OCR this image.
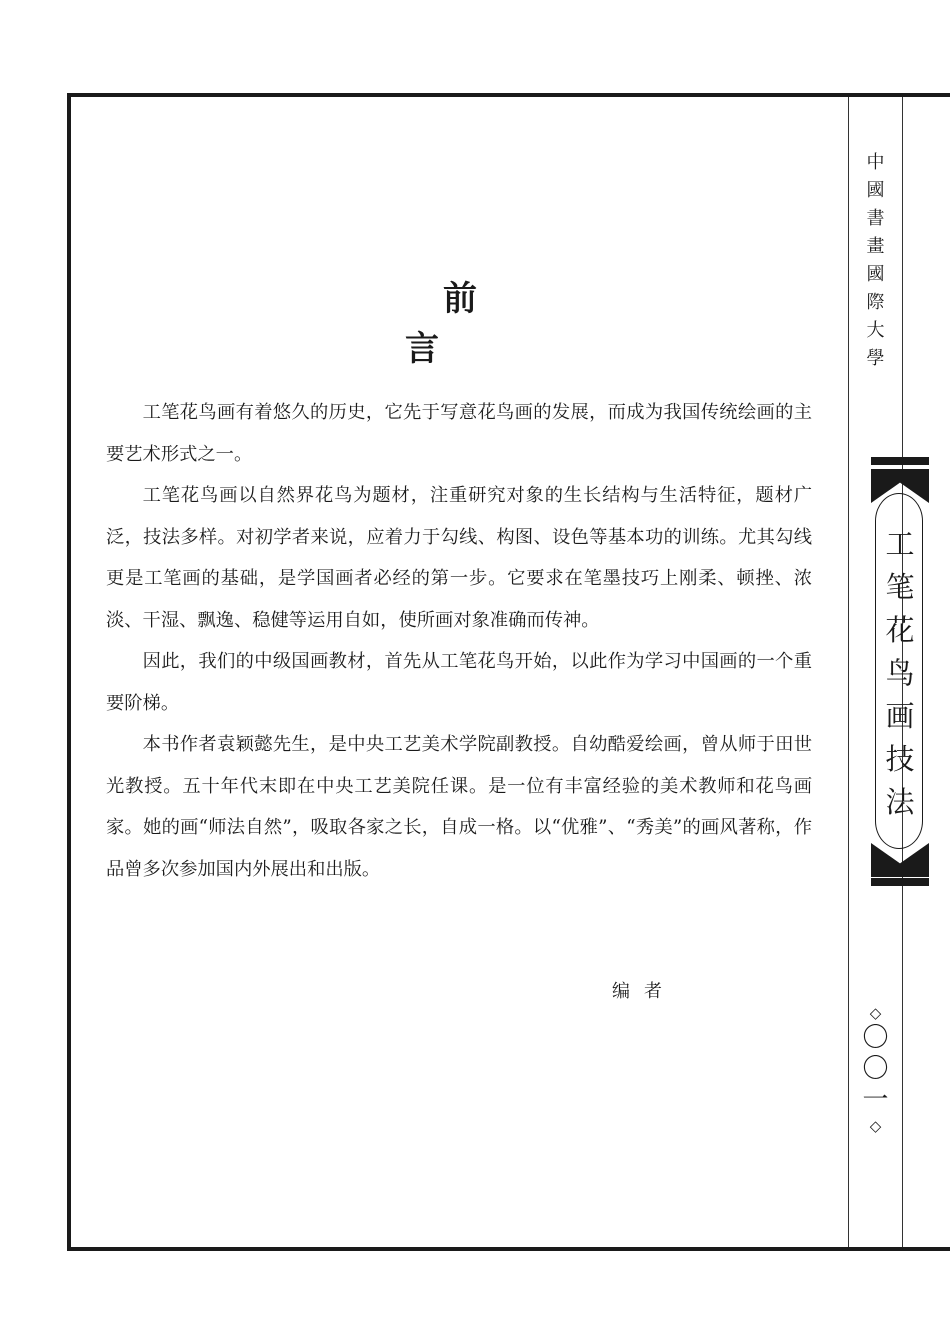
中
國
書
畫
國
際
大
學
工
笔
花
鸟
画
技
法
◇
〇
〇
一
◇
前言

工笔花鸟画有着悠久的历史，它先于写意花鸟画的发展，而成为我国传统绘画的主要艺术形式之一。

工笔花鸟画以自然界花鸟为题材，注重研究对象的生长结构与生活特征，题材广泛，技法多样。对初学者来说，应着力于勾线、构图、设色等基本功的训练。尤其勾线更是工笔画的基础，是学国画者必经的第一步。它要求在笔墨技巧上刚柔、顿挫、浓淡、干湿、飘逸、稳健等运用自如，使所画对象准确而传神。

因此，我们的中级国画教材，首先从工笔花鸟开始，以此作为学习中国画的一个重要阶梯。

本书作者袁颖懿先生，是中央工艺美术学院副教授。自幼酷爱绘画，曾从师于田世光教授。五十年代末即在中央工艺美院任课。是一位有丰富经验的美术教师和花鸟画家。她的画“师法自然”，吸取各家之长，自成一格。以“优雅”、“秀美”的画风著称，作品曾多次参加国内外展出和出版。

编者
